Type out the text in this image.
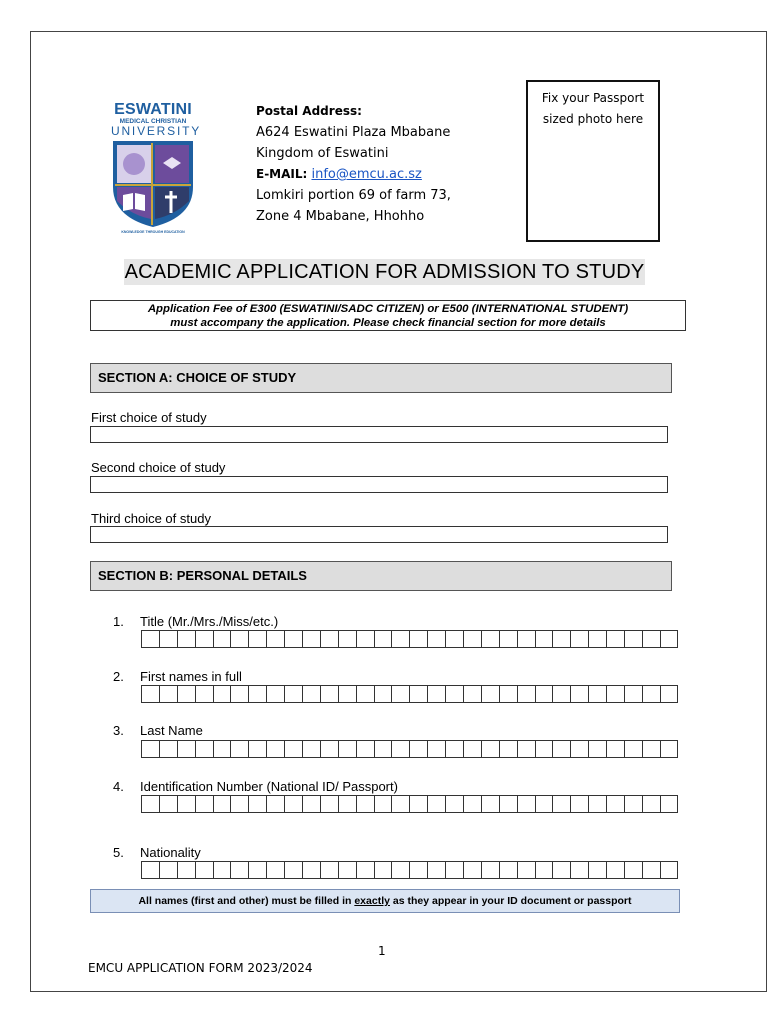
ESWATINI
MEDICAL CHRISTIAN
UNIVERSITY
KNOWLEDGE THROUGH EDUCATION
Postal Address:
A624 Eswatini Plaza Mbabane
Kingdom of Eswatini
E-MAIL: info@emcu.ac.sz
Lomkiri portion 69 of farm 73,
Zone 4 Mbabane, Hhohho
Fix your Passport
sized photo here
ACADEMIC APPLICATION FOR ADMISSION TO STUDY
Application Fee of E300 (ESWATINI/SADC CITIZEN) or E500 (INTERNATIONAL STUDENT)
must accompany the application. Please check financial section for more details
SECTION A: CHOICE OF STUDY
First choice of study
Second choice of study
Third choice of study
SECTION B: PERSONAL DETAILS
1. Title (Mr./Mrs./Miss/etc.)
2. First names in full
3. Last Name
4. Identification Number (National ID/ Passport)
5. Nationality
All names (first and other) must be filled in exactly as they appear in your ID document or passport
1
EMCU APPLICATION FORM 2023/2024
